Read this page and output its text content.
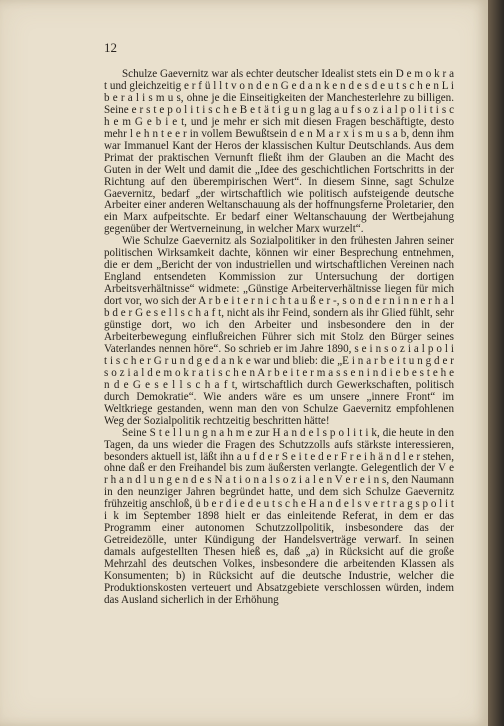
12

Schulze Gaevernitz war als echter deutscher Idealist stets ein D e m o k r a t und gleichzeitig e r f ü l l t v o n d e n G e d a n k e n d e s d e u t s c h e n L i b e r a l i s m u s, ohne je die Einseitigkeiten der Manchesterlehre zu billigen. Seine e r s t e p o l i t i s c h e B e t ä t i g u n g lag a u f s o z i a l p o l i t i s c h e m G e b i e t, und je mehr er sich mit diesen Fragen beschäftigte, desto mehr l e h n t e e r in vollem Bewußtsein d e n M a r x i s m u s a b, denn ihm war Immanuel Kant der Heros der klassischen Kultur Deutschlands. Aus dem Primat der praktischen Vernunft fließt ihm der Glauben an die Macht des Guten in der Welt und damit die „Idee des geschichtlichen Fortschritts in der Richtung auf den überempirischen Wert“. In diesem Sinne, sagt Schulze Gaevernitz, bedarf „der wirtschaftlich wie politisch aufsteigende deutsche Arbeiter einer anderen Weltanschauung als der hoffnungsferne Proletarier, den ein Marx aufpeitschte. Er bedarf einer Weltanschauung der Wertbejahung gegenüber der Wertverneinung, in welcher Marx wurzelt“.

Wie Schulze Gaevernitz als Sozialpolitiker in den frühesten Jahren seiner politischen Wirksamkeit dachte, können wir einer Besprechung entnehmen, die er dem „Bericht der von industriellen und wirtschaftlichen Vereinen nach England entsendeten Kommission zur Untersuchung der dortigen Arbeitsverhältnisse“ widmete: „Günstige Arbeiterverhältnisse liegen für mich dort vor, wo sich der A r b e i t e r n i c h t a u ß e r -, s o n d e r n i n n e r h a l b d e r G e s e l l s c h a f t, nicht als ihr Feind, sondern als ihr Glied fühlt, sehr günstige dort, wo ich den Arbeiter und insbesondere den in der Arbeiterbewegung einflußreichen Führer sich mit Stolz den Bürger seines Vaterlandes nennen höre“. So schrieb er im Jahre 1890, s e i n s o z i a l p o l i t i s c h e r G r u n d g e d a n k e war und blieb: die „E i n a r b e i t u n g d e r s o z i a l d e m o k r a t i s c h e n A r b e i t e r m a s s e n i n d i e b e s t e h e n d e G e s e l l s c h a f t, wirtschaftlich durch Gewerkschaften, politisch durch Demokratie“. Wie anders wäre es um unsere „innere Front“ im Weltkriege gestanden, wenn man den von Schulze Gaevernitz empfohlenen Weg der Sozialpolitik rechtzeitig beschritten hätte!

Seine S t e l l u n g n a h m e zur H a n d e l s p o l i t i k, die heute in den Tagen, da uns wieder die Fragen des Schutzzolls aufs stärkste interessieren, besonders aktuell ist, läßt ihn a u f d e r S e i t e d e r F r e i h ä n d l e r stehen, ohne daß er den Freihandel bis zum äußersten verlangte. Gelegentlich der V e r h a n d l u n g e n d e s N a t i o n a l s o z i a l e n V e r e i n s, den Naumann in den neunziger Jahren begründet hatte, und dem sich Schulze Gaevernitz frühzeitig anschloß, ü b e r d i e d e u t s c h e H a n d e l s v e r t r a g s p o l i t i k im September 1898 hielt er das einleitende Referat, in dem er das Programm einer autonomen Schutzzollpolitik, insbesondere das der Getreidezölle, unter Kündigung der Handelsverträge verwarf. In seinen damals aufgestellten Thesen hieß es, daß „a) in Rücksicht auf die große Mehrzahl des deutschen Volkes, insbesondere die arbeitenden Klassen als Konsumenten; b) in Rücksicht auf die deutsche Industrie, welcher die Produktionskosten verteuert und Absatzgebiete verschlossen würden, indem das Ausland sicherlich in der Erhöhung
